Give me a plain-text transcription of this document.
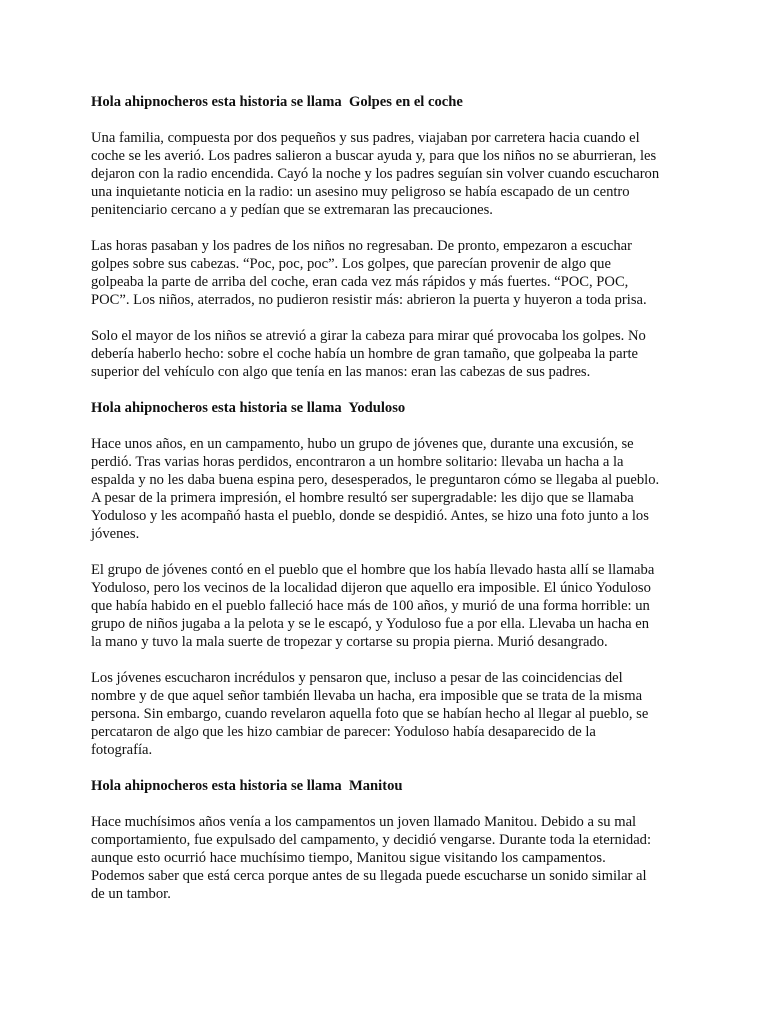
Hola ahipnocheros esta historia se llama  Golpes en el coche
Una familia, compuesta por dos pequeños y sus padres, viajaban por carretera hacia cuando el
coche se les averió. Los padres salieron a buscar ayuda y, para que los niños no se aburrieran, les
dejaron con la radio encendida. Cayó la noche y los padres seguían sin volver cuando escucharon
una inquietante noticia en la radio: un asesino muy peligroso se había escapado de un centro
penitenciario cercano a y pedían que se extremaran las precauciones.
Las horas pasaban y los padres de los niños no regresaban. De pronto, empezaron a escuchar
golpes sobre sus cabezas. “Poc, poc, poc”. Los golpes, que parecían provenir de algo que
golpeaba la parte de arriba del coche, eran cada vez más rápidos y más fuertes. “POC, POC,
POC”. Los niños, aterrados, no pudieron resistir más: abrieron la puerta y huyeron a toda prisa.
Solo el mayor de los niños se atrevió a girar la cabeza para mirar qué provocaba los golpes. No
debería haberlo hecho: sobre el coche había un hombre de gran tamaño, que golpeaba la parte
superior del vehículo con algo que tenía en las manos: eran las cabezas de sus padres.
Hola ahipnocheros esta historia se llama  Yoduloso
Hace unos años, en un campamento, hubo un grupo de jóvenes que, durante una excusión, se
perdió. Tras varias horas perdidos, encontraron a un hombre solitario: llevaba un hacha a la
espalda y no les daba buena espina pero, desesperados, le preguntaron cómo se llegaba al pueblo.
A pesar de la primera impresión, el hombre resultó ser supergradable: les dijo que se llamaba
Yoduloso y les acompañó hasta el pueblo, donde se despidió. Antes, se hizo una foto junto a los
jóvenes.
El grupo de jóvenes contó en el pueblo que el hombre que los había llevado hasta allí se llamaba
Yoduloso, pero los vecinos de la localidad dijeron que aquello era imposible. El único Yoduloso
que había habido en el pueblo falleció hace más de 100 años, y murió de una forma horrible: un
grupo de niños jugaba a la pelota y se le escapó, y Yoduloso fue a por ella. Llevaba un hacha en
la mano y tuvo la mala suerte de tropezar y cortarse su propia pierna. Murió desangrado.
Los jóvenes escucharon incrédulos y pensaron que, incluso a pesar de las coincidencias del
nombre y de que aquel señor también llevaba un hacha, era imposible que se trata de la misma
persona. Sin embargo, cuando revelaron aquella foto que se habían hecho al llegar al pueblo, se
percataron de algo que les hizo cambiar de parecer: Yoduloso había desaparecido de la
fotografía.
Hola ahipnocheros esta historia se llama  Manitou
Hace muchísimos años venía a los campamentos un joven llamado Manitou. Debido a su mal
comportamiento, fue expulsado del campamento, y decidió vengarse. Durante toda la eternidad:
aunque esto ocurrió hace muchísimo tiempo, Manitou sigue visitando los campamentos.
Podemos saber que está cerca porque antes de su llegada puede escucharse un sonido similar al
de un tambor.
